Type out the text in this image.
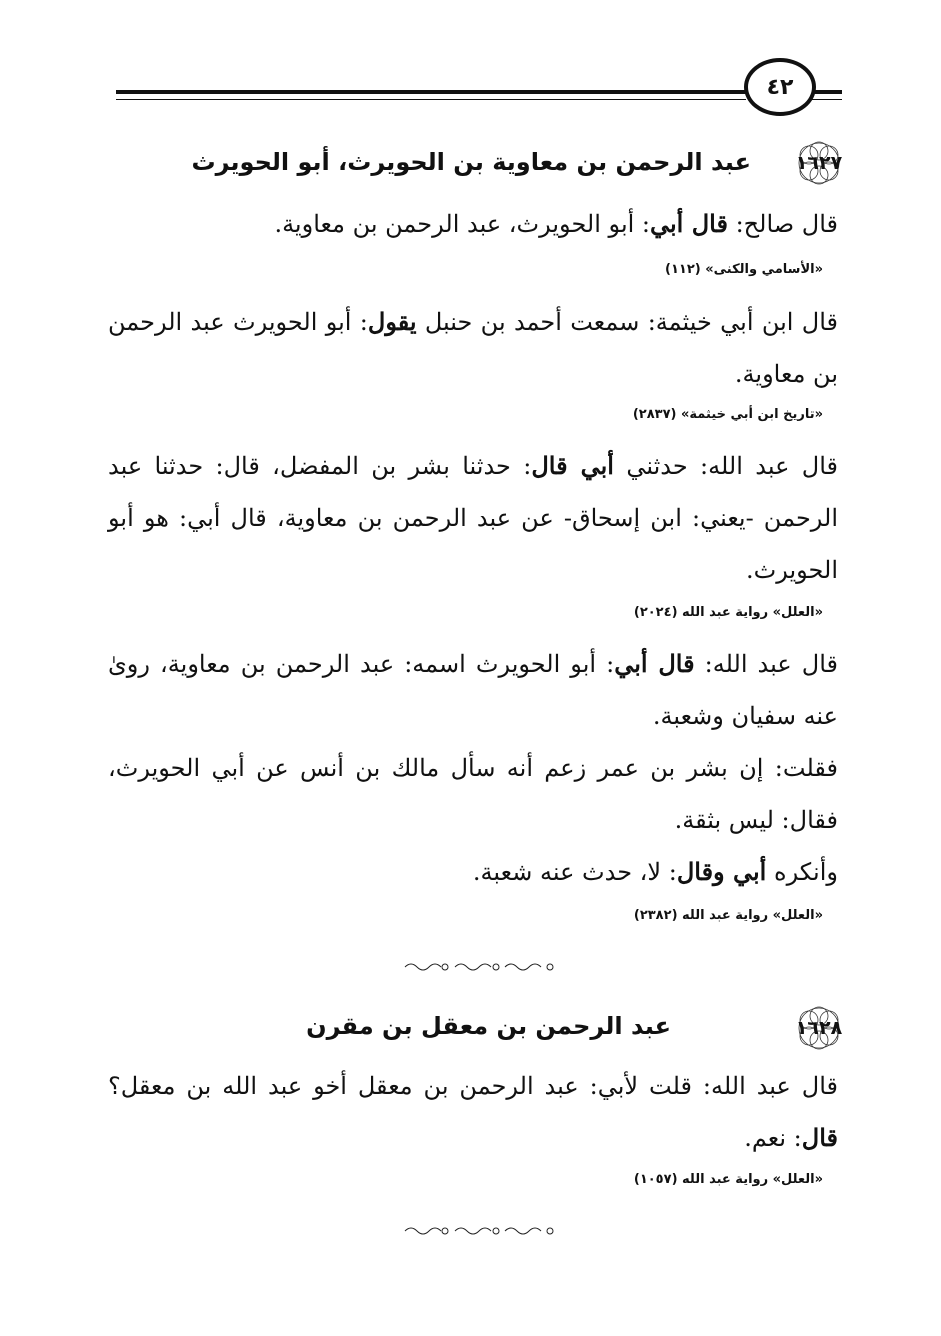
٤٢
١٦٢٧
عبد الرحمن بن معاوية بن الحويرث، أبو الحويرث
قال صالح: قال أبي: أبو الحويرث، عبد الرحمن بن معاوية.
«الأسامي والكنى» (١١٢)
قال ابن أبي خيثمة: سمعت أحمد بن حنبل يقول: أبو الحويرث عبد الرحمن بن معاوية.
«تاريخ ابن أبي خيثمة» (٢٨٣٧)
قال عبد الله: حدثني أبي قال: حدثنا بشر بن المفضل، قال: حدثنا عبد الرحمن -يعني: ابن إسحاق- عن عبد الرحمن بن معاوية، قال أبي: هو أبو الحويرث.
«العلل» رواية عبد الله (٢٠٢٤)
قال عبد الله: قال أبي: أبو الحويرث اسمه: عبد الرحمن بن معاوية، روىٰ عنه سفيان وشعبة.
فقلت: إن بشر بن عمر زعم أنه سأل مالك بن أنس عن أبي الحويرث، فقال: ليس بثقة.
وأنكره أبي وقال: لا، حدث عنه شعبة.
«العلل» رواية عبد الله (٢٣٨٢)
١٦٢٨
عبد الرحمن بن معقل بن مقرن
قال عبد الله: قلت لأبي: عبد الرحمن بن معقل أخو عبد الله بن معقل؟ قال: نعم.
«العلل» رواية عبد الله (١٠٥٧)
